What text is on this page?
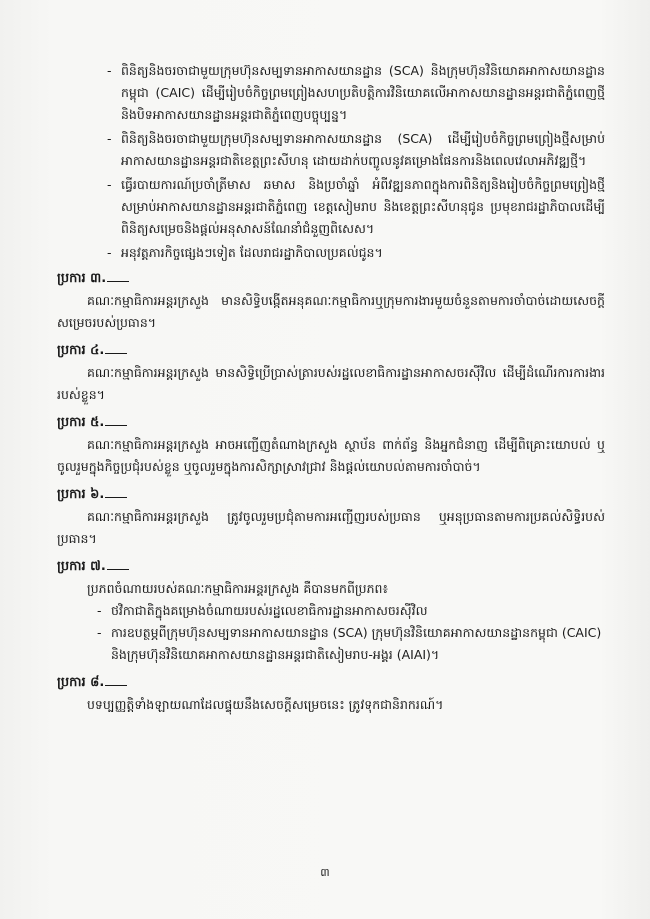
- ពិនិត្យនិងចរចាជាមួយក្រុមហ៊ុនសម្បទានអាកាសយានដ្ឋាន (SCA) និងក្រុមហ៊ុនវិនិយោគអាកាសយានដ្ឋានកម្ពុជា (CAIC) ដើម្បីរៀបចំកិច្ចព្រមព្រៀងសហប្រតិបត្តិការវិនិយោគលើអាកាសយានដ្ឋានអន្តរជាតិភ្នំពេញថ្មី និងបិទអាកាសយានដ្ឋានអន្តរជាតិភ្នំពេញបច្ចុប្បន្ន។
- ពិនិត្យនិងចរចាជាមួយក្រុមហ៊ុនសម្បទានអាកាសយានដ្ឋាន (SCA) ដើម្បីរៀបចំកិច្ចព្រមព្រៀងថ្មីសម្រាប់អាកាសយានដ្ឋានអន្តរជាតិខេត្តព្រះសីហនុ ដោយដាក់បញ្ចូលនូវគម្រោងផែនការនិងពេលវេលាអភិវឌ្ឍថ្មី។
- ធ្វើរបាយការណ៍ប្រចាំត្រីមាស ឆមាស និងប្រចាំឆ្នាំ អំពីវឌ្ឍនភាពក្នុងការពិនិត្យនិងរៀបចំកិច្ចព្រមព្រៀងថ្មីសម្រាប់អាកាសយានដ្ឋានអន្តរជាតិភ្នំពេញ ខេត្តសៀមរាប និងខេត្តព្រះសីហនុជូន ប្រមុខរាជរដ្ឋាភិបាលដើម្បីពិនិត្យសម្រេចនិងផ្តល់អនុសាសន៍ណែនាំជំនួញពិសេស។
- អនុវត្តភារកិច្ចផ្សេងៗទៀត ដែលរាជរដ្ឋាភិបាលប្រគល់ជូន។
ប្រការ ៣.

គណៈកម្មាធិការអន្តរក្រសួង មានសិទ្ធិបង្កើតអនុគណៈកម្មាធិការឬក្រុមការងារមួយចំនួនតាមការចាំបាច់ដោយសេចក្តីសម្រេចរបស់ប្រធាន។

ប្រការ ៤.

គណៈកម្មាធិការអន្តរក្រសួង មានសិទ្ធិប្រើប្រាស់ត្រារបស់រដ្ឋលេខាធិការដ្ឋានអាកាសចរស៊ីវិល ដើម្បីដំណើរការការងាររបស់ខ្លួន។

ប្រការ ៥.

គណៈកម្មាធិការអន្តរក្រសួង អាចអញ្ជើញតំណាងក្រសួង ស្ថាប័ន ពាក់ព័ន្ធ និងអ្នកជំនាញ ដើម្បីពិគ្រោះយោបល់ ឬចូលរួមក្នុងកិច្ចប្រជុំរបស់ខ្លួន ឬចូលរួមក្នុងការសិក្សាស្រាវជ្រាវ និងផ្តល់យោបល់តាមការចាំបាច់។

ប្រការ ៦.

គណៈកម្មាធិការអន្តរក្រសួង ត្រូវចូលរួមប្រជុំតាមការអញ្ជើញរបស់ប្រធាន ឬអនុប្រធានតាមការប្រគល់សិទ្ធិរបស់ប្រធាន។

ប្រការ ៧.

ប្រភពចំណាយរបស់គណៈកម្មាធិការអន្តរក្រសួង គឺបានមកពីប្រភព៖

- ថវិកាជាតិក្នុងគម្រោងចំណាយរបស់រដ្ឋលេខាធិការដ្ឋានអាកាសចរស៊ីវិល
- ការឧបត្ថម្ភពីក្រុមហ៊ុនសម្បទានអាកាសយានដ្ឋាន (SCA) ក្រុមហ៊ុនវិនិយោគអាកាសយានដ្ឋានកម្ពុជា (CAIC) និងក្រុមហ៊ុនវិនិយោគអាកាសយានដ្ឋានអន្តរជាតិសៀមរាប-អង្គរ (AIAI)។
ប្រការ ៨.

បទប្បញ្ញត្តិទាំងឡាយណាដែលផ្ទុយនឹងសេចក្តីសម្រេចនេះ ត្រូវទុកជានិរាករណ៍។

៣
